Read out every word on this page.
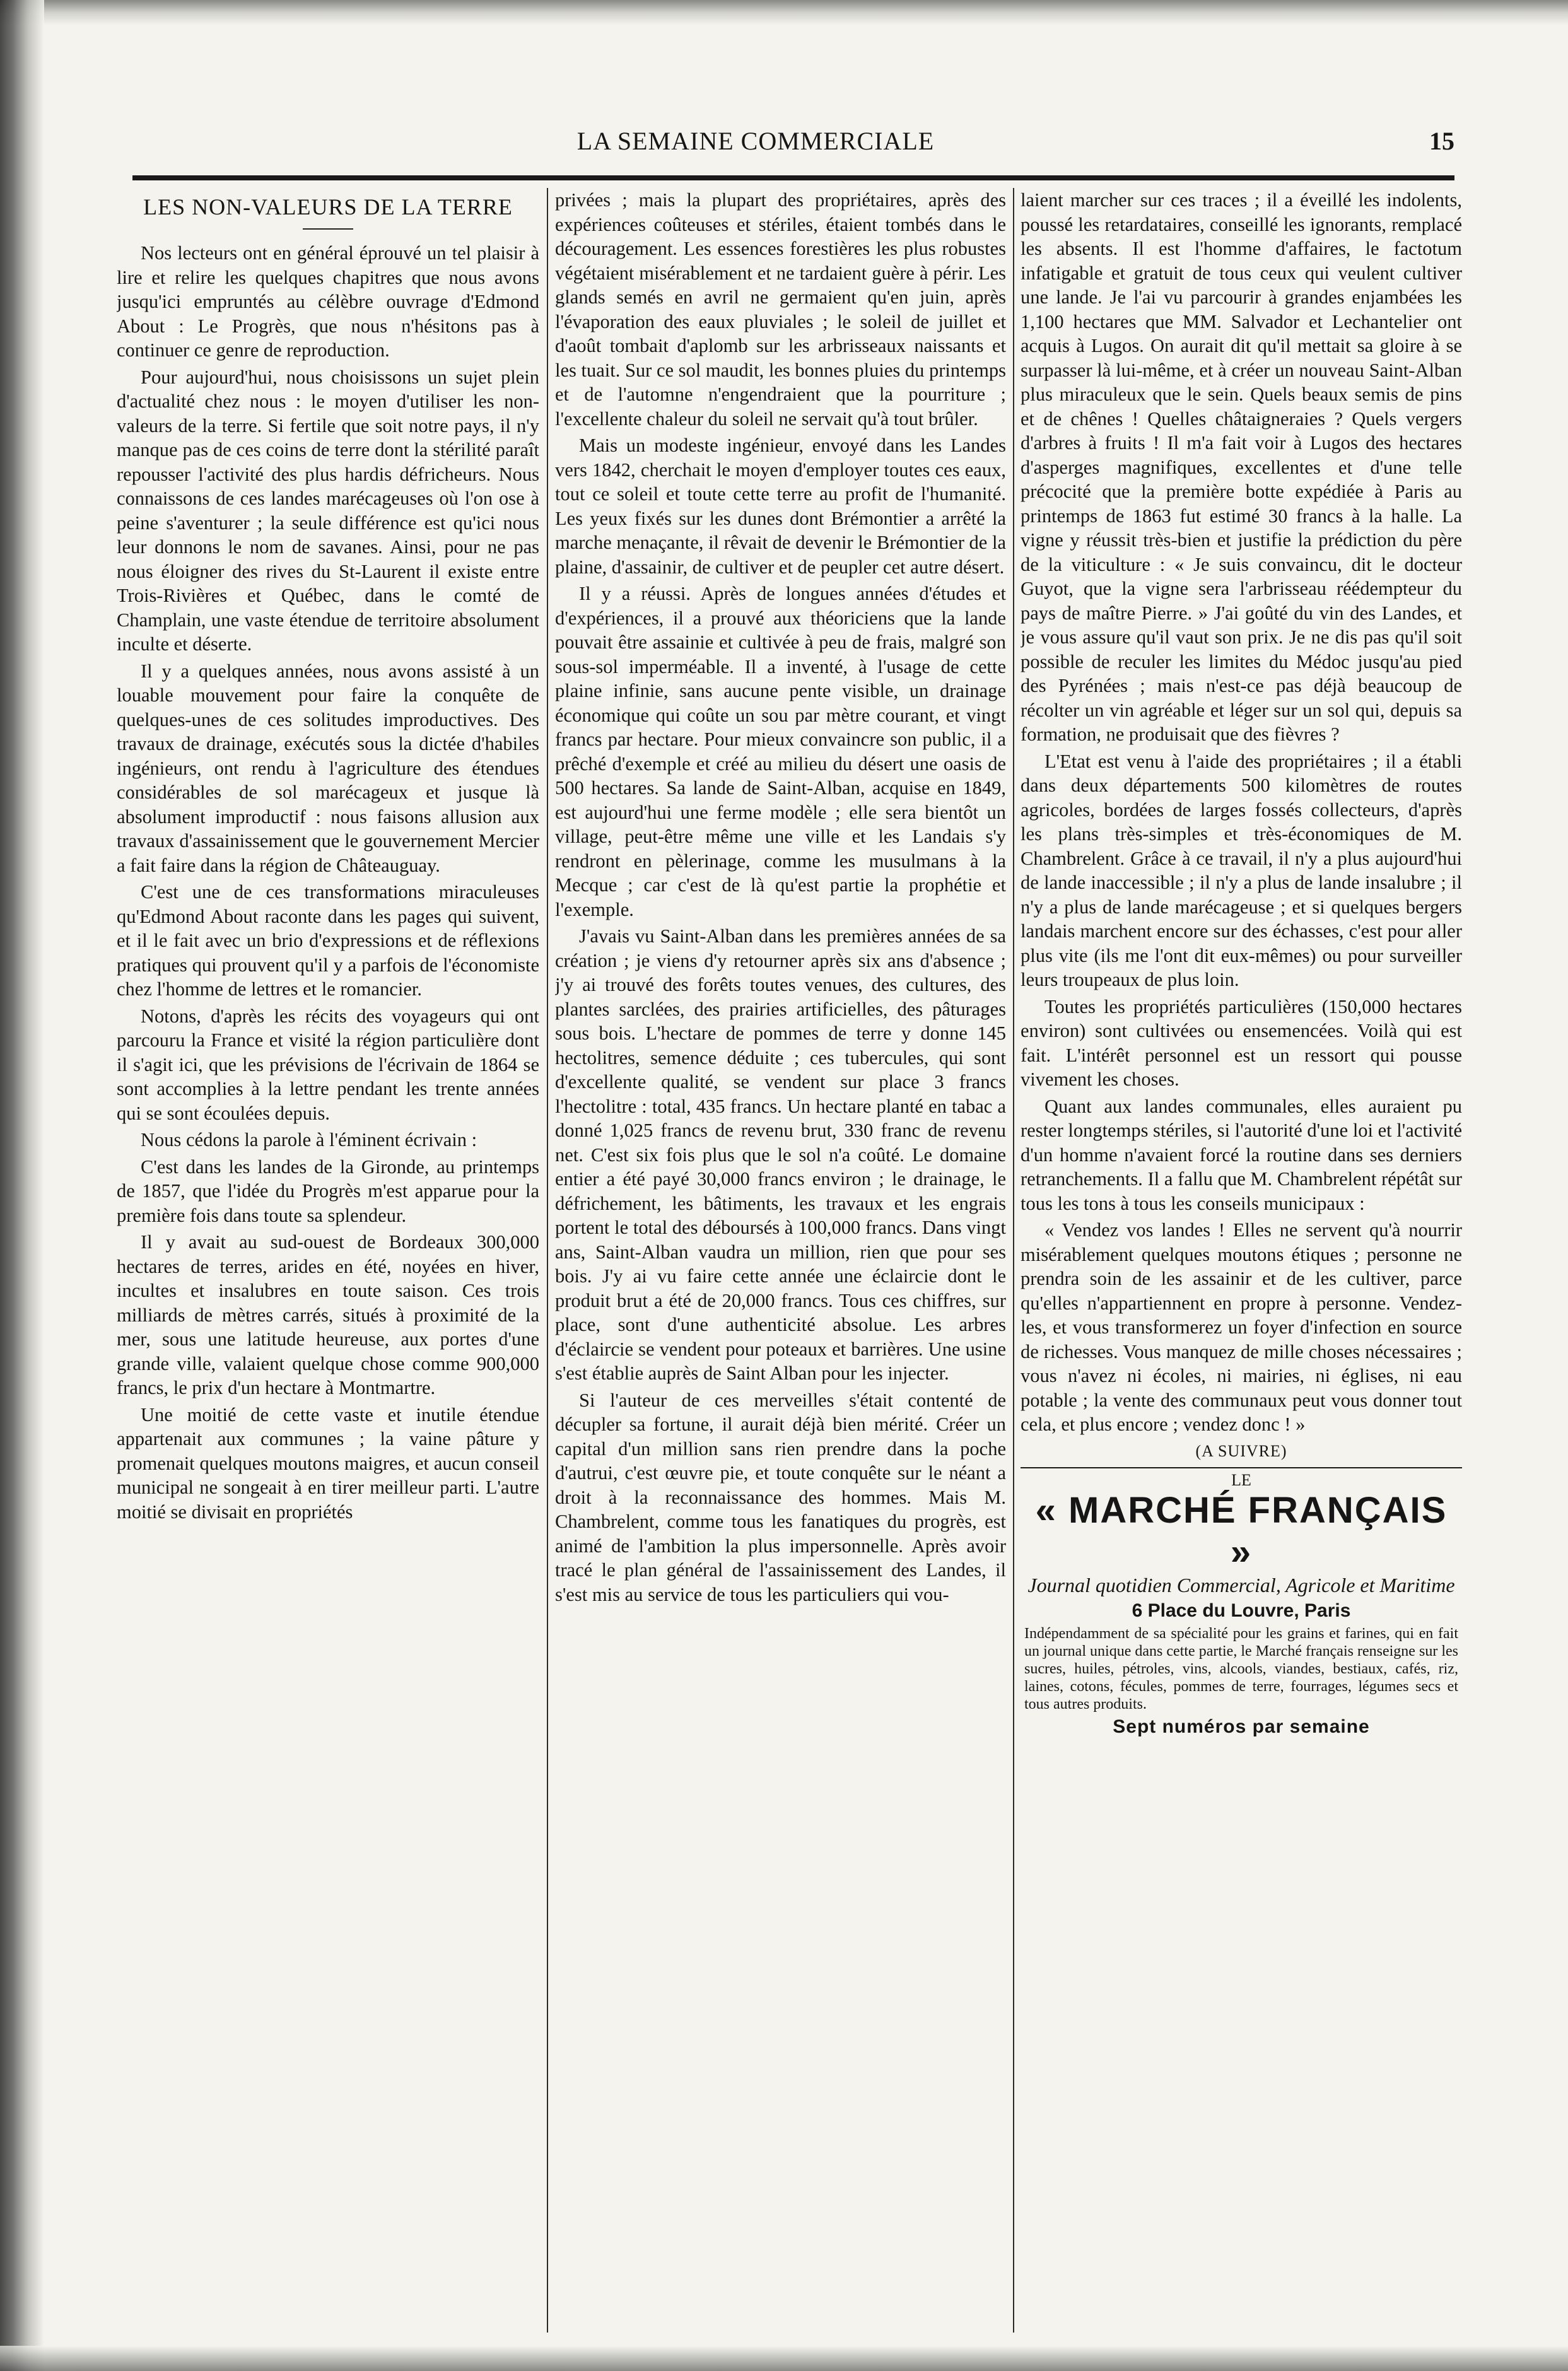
LA SEMAINE COMMERCIALE	15
LES NON-VALEURS DE LA TERRE

Nos lecteurs ont en général éprouvé un tel plaisir à lire et relire les quelques chapitres que nous avons jusqu'ici empruntés au célèbre ouvrage d'Edmond About : Le Progrès, que nous n'hésitons pas à continuer ce genre de reproduction.

Pour aujourd'hui, nous choisissons un sujet plein d'actualité chez nous : le moyen d'utiliser les non-valeurs de la terre. Si fertile que soit notre pays, il n'y manque pas de ces coins de terre dont la stérilité paraît repousser l'activité des plus hardis défricheurs. Nous connaissons de ces landes marécageuses où l'on ose à peine s'aventurer ; la seule différence est qu'ici nous leur donnons le nom de savanes. Ainsi, pour ne pas nous éloigner des rives du St-Laurent il existe entre Trois-Rivières et Québec, dans le comté de Champlain, une vaste étendue de territoire absolument inculte et déserte.

Il y a quelques années, nous avons assisté à un louable mouvement pour faire la conquête de quelques-unes de ces solitudes improductives. Des travaux de drainage, exécutés sous la dictée d'habiles ingénieurs, ont rendu à l'agriculture des étendues considérables de sol marécageux et jusque là absolument improductif : nous faisons allusion aux travaux d'assainissement que le gouvernement Mercier a fait faire dans la région de Châteauguay.

C'est une de ces transformations miraculeuses qu'Edmond About raconte dans les pages qui suivent, et il le fait avec un brio d'expressions et de réflexions pratiques qui prouvent qu'il y a parfois de l'économiste chez l'homme de lettres et le romancier.

Notons, d'après les récits des voyageurs qui ont parcouru la France et visité la région particulière dont il s'agit ici, que les prévisions de l'écrivain de 1864 se sont accomplies à la lettre pendant les trente années qui se sont écoulées depuis.

Nous cédons la parole à l'éminent écrivain :

C'est dans les landes de la Gironde, au printemps de 1857, que l'idée du Progrès m'est apparue pour la première fois dans toute sa splendeur.

Il y avait au sud-ouest de Bordeaux 300,000 hectares de terres, arides en été, noyées en hiver, incultes et insalubres en toute saison. Ces trois milliards de mètres carrés, situés à proximité de la mer, sous une latitude heureuse, aux portes d'une grande ville, valaient quelque chose comme 900,000 francs, le prix d'un hectare à Montmartre.

Une moitié de cette vaste et inutile étendue appartenait aux communes ; la vaine pâture y promenait quelques moutons maigres, et aucun conseil municipal ne songeait à en tirer meilleur parti. L'autre moitié se divisait en propriétés

privées ; mais la plupart des propriétaires, après des expériences coûteuses et stériles, étaient tombés dans le découragement. Les essences forestières les plus robustes végétaient misérablement et ne tardaient guère à périr. Les glands semés en avril ne germaient qu'en juin, après l'évaporation des eaux pluviales ; le soleil de juillet et d'août tombait d'aplomb sur les arbrisseaux naissants et les tuait. Sur ce sol maudit, les bonnes pluies du printemps et de l'automne n'engendraient que la pourriture ; l'excellente chaleur du soleil ne servait qu'à tout brûler.

Mais un modeste ingénieur, envoyé dans les Landes vers 1842, cherchait le moyen d'employer toutes ces eaux, tout ce soleil et toute cette terre au profit de l'humanité. Les yeux fixés sur les dunes dont Brémontier a arrêté la marche menaçante, il rêvait de devenir le Brémontier de la plaine, d'assainir, de cultiver et de peupler cet autre désert.

Il y a réussi. Après de longues années d'études et d'expériences, il a prouvé aux théoriciens que la lande pouvait être assainie et cultivée à peu de frais, malgré son sous-sol imperméable. Il a inventé, à l'usage de cette plaine infinie, sans aucune pente visible, un drainage économique qui coûte un sou par mètre courant, et vingt francs par hectare. Pour mieux convaincre son public, il a prêché d'exemple et créé au milieu du désert une oasis de 500 hectares. Sa lande de Saint-Alban, acquise en 1849, est aujourd'hui une ferme modèle ; elle sera bientôt un village, peut-être même une ville et les Landais s'y rendront en pèlerinage, comme les musulmans à la Mecque ; car c'est de là qu'est partie la prophétie et l'exemple.

J'avais vu Saint-Alban dans les premières années de sa création ; je viens d'y retourner après six ans d'absence ; j'y ai trouvé des forêts toutes venues, des cultures, des plantes sarclées, des prairies artificielles, des pâturages sous bois. L'hectare de pommes de terre y donne 145 hectolitres, semence déduite ; ces tubercules, qui sont d'excellente qualité, se vendent sur place 3 francs l'hectolitre : total, 435 francs. Un hectare planté en tabac a donné 1,025 francs de revenu brut, 330 franc de revenu net. C'est six fois plus que le sol n'a coûté. Le domaine entier a été payé 30,000 francs environ ; le drainage, le défrichement, les bâtiments, les travaux et les engrais portent le total des déboursés à 100,000 francs. Dans vingt ans, Saint-Alban vaudra un million, rien que pour ses bois. J'y ai vu faire cette année une éclaircie dont le produit brut a été de 20,000 francs. Tous ces chiffres, sur place, sont d'une authenticité absolue. Les arbres d'éclaircie se vendent pour poteaux et barrières. Une usine s'est établie auprès de Saint Alban pour les injecter.

Si l'auteur de ces merveilles s'était contenté de décupler sa fortune, il aurait déjà bien mérité. Créer un capital d'un million sans rien prendre dans la poche d'autrui, c'est œuvre pie, et toute conquête sur le néant a droit à la reconnaissance des hommes. Mais M. Chambrelent, comme tous les fanatiques du progrès, est animé de l'ambition la plus impersonnelle. Après avoir tracé le plan général de l'assainissement des Landes, il s'est mis au service de tous les particuliers qui vou-

laient marcher sur ces traces ; il a éveillé les indolents, poussé les retardataires, conseillé les ignorants, remplacé les absents. Il est l'homme d'affaires, le factotum infatigable et gratuit de tous ceux qui veulent cultiver une lande. Je l'ai vu parcourir à grandes enjambées les 1,100 hectares que MM. Salvador et Lechantelier ont acquis à Lugos. On aurait dit qu'il mettait sa gloire à se surpasser là lui-même, et à créer un nouveau Saint-Alban plus miraculeux que le sein. Quels beaux semis de pins et de chênes ! Quelles châtaigneraies ? Quels vergers d'arbres à fruits ! Il m'a fait voir à Lugos des hectares d'asperges magnifiques, excellentes et d'une telle précocité que la première botte expédiée à Paris au printemps de 1863 fut estimé 30 francs à la halle. La vigne y réussit très-bien et justifie la prédiction du père de la viticulture : « Je suis convaincu, dit le docteur Guyot, que la vigne sera l'arbrisseau réédempteur du pays de maître Pierre. » J'ai goûté du vin des Landes, et je vous assure qu'il vaut son prix. Je ne dis pas qu'il soit possible de reculer les limites du Médoc jusqu'au pied des Pyrénées ; mais n'est-ce pas déjà beaucoup de récolter un vin agréable et léger sur un sol qui, depuis sa formation, ne produisait que des fièvres ?

L'Etat est venu à l'aide des propriétaires ; il a établi dans deux départements 500 kilomètres de routes agricoles, bordées de larges fossés collecteurs, d'après les plans très-simples et très-économiques de M. Chambrelent. Grâce à ce travail, il n'y a plus aujourd'hui de lande inaccessible ; il n'y a plus de lande insalubre ; il n'y a plus de lande marécageuse ; et si quelques bergers landais marchent encore sur des échasses, c'est pour aller plus vite (ils me l'ont dit eux-mêmes) ou pour surveiller leurs troupeaux de plus loin.

Toutes les propriétés particulières (150,000 hectares environ) sont cultivées ou ensemencées. Voilà qui est fait. L'intérêt personnel est un ressort qui pousse vivement les choses.

Quant aux landes communales, elles auraient pu rester longtemps stériles, si l'autorité d'une loi et l'activité d'un homme n'avaient forcé la routine dans ses derniers retranchements. Il a fallu que M. Chambrelent répétât sur tous les tons à tous les conseils municipaux :

« Vendez vos landes ! Elles ne servent qu'à nourrir misérablement quelques moutons étiques ; personne ne prendra soin de les assainir et de les cultiver, parce qu'elles n'appartiennent en propre à personne. Vendez-les, et vous transformerez un foyer d'infection en source de richesses. Vous manquez de mille choses nécessaires ; vous n'avez ni écoles, ni mairies, ni églises, ni eau potable ; la vente des communaux peut vous donner tout cela, et plus encore ; vendez donc ! »

(A SUIVRE)
LE
« MARCHÉ FRANÇAIS »
Journal quotidien Commercial, Agricole et Maritime
6 Place du Louvre, Paris
Indépendamment de sa spécialité pour les grains et farines, qui en fait un journal unique dans cette partie, le Marché français renseigne sur les sucres, huiles, pétroles, vins, alcools, viandes, bestiaux, cafés, riz, laines, cotons, fécules, pommes de terre, fourrages, légumes secs et tous autres produits.
Sept numéros par semaine
